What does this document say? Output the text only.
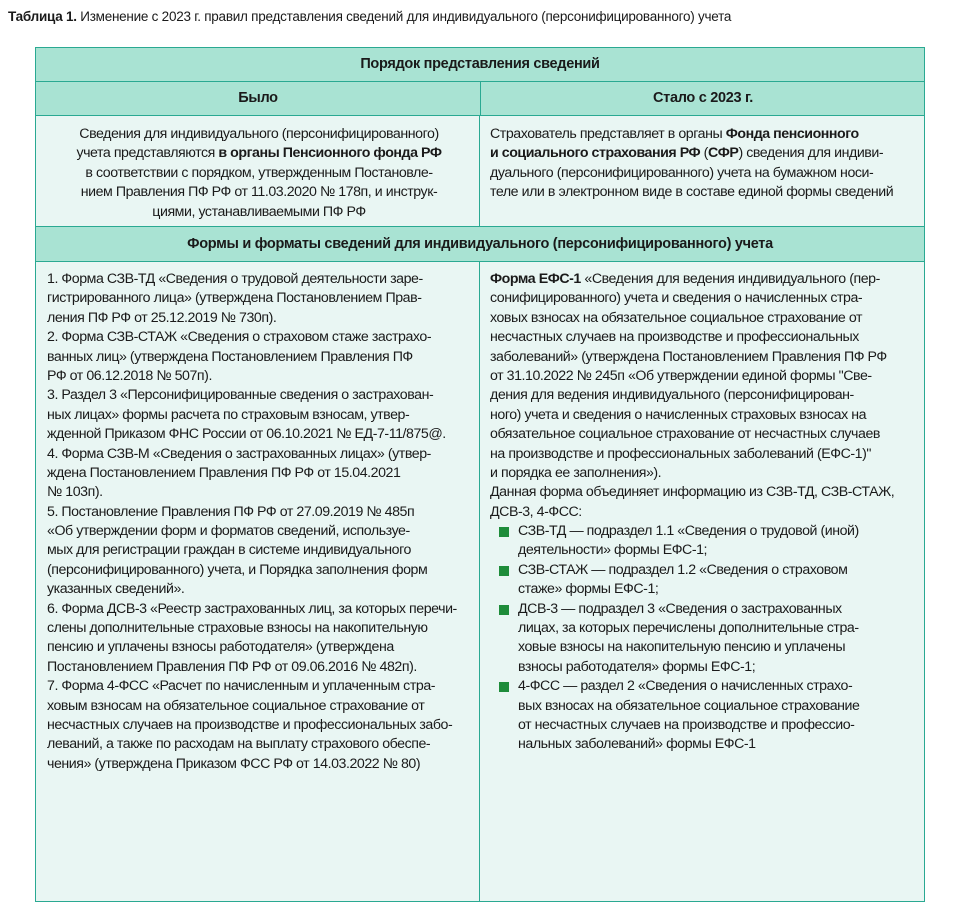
Таблица 1. Изменение с 2023 г. правил представления сведений для индивидуального (персонифицированного) учета
Порядок представления сведений
Было	Стало с 2023 г.
Сведения для индивидуального (персонифицированного)
учета представляются в органы Пенсионного фонда РФ
в соответствии с порядком, утвержденным Постановле-
нием Правления ПФ РФ от 11.03.2020 № 178п, и инструк-
циями, устанавливаемыми ПФ РФ
Страхователь представляет в органы Фонда пенсионного
и социального страхования РФ (СФР) сведения для индиви-
дуального (персонифицированного) учета на бумажном носи-
теле или в электронном виде в составе единой формы сведений
Формы и форматы сведений для индивидуального (персонифицированного) учета
1. Форма СЗВ-ТД «Сведения о трудовой деятельности заре-
гистрированного лица» (утверждена Постановлением Прав-
ления ПФ РФ от 25.12.2019 № 730п).
2. Форма СЗВ-СТАЖ «Сведения о страховом стаже застрахо-
ванных лиц» (утверждена Постановлением Правления ПФ
РФ от 06.12.2018 № 507п).
3. Раздел 3 «Персонифицированные сведения о застрахован-
ных лицах» формы расчета по страховым взносам, утвер-
жденной Приказом ФНС России от 06.10.2021 № ЕД-7-11/875@.
4. Форма СЗВ-М «Сведения о застрахованных лицах» (утвер-
ждена Постановлением Правления ПФ РФ от 15.04.2021
№ 103п).
5. Постановление Правления ПФ РФ от 27.09.2019 № 485п
«Об утверждении форм и форматов сведений, используе-
мых для регистрации граждан в системе индивидуального
(персонифицированного) учета, и Порядка заполнения форм
указанных сведений».
6. Форма ДСВ-3 «Реестр застрахованных лиц, за которых перечи-
слены дополнительные страховые взносы на накопительную
пенсию и уплачены взносы работодателя» (утверждена
Постановлением Правления ПФ РФ от 09.06.2016 № 482п).
7. Форма 4-ФСС «Расчет по начисленным и уплаченным стра-
ховым взносам на обязательное социальное страхование от
несчастных случаев на производстве и профессиональных забо-
леваний, а также по расходам на выплату страхового обеспе-
чения» (утверждена Приказом ФСС РФ от 14.03.2022 № 80)
Форма ЕФС-1 «Сведения для ведения индивидуального (пер-
сонифицированного) учета и сведения о начисленных стра-
ховых взносах на обязательное социальное страхование от
несчастных случаев на производстве и профессиональных
заболеваний» (утверждена Постановлением Правления ПФ РФ
от 31.10.2022 № 245п «Об утверждении единой формы "Све-
дения для ведения индивидуального (персонифицирован-
ного) учета и сведения о начисленных страховых взносах на
обязательное социальное страхование от несчастных случаев
на производстве и профессиональных заболеваний (ЕФС-1)"
и порядка ее заполнения»).
Данная форма объединяет информацию из СЗВ-ТД, СЗВ-СТАЖ,
ДСВ-3, 4-ФСС:
СЗВ-ТД — подраздел 1.1 «Сведения о трудовой (иной)
деятельности» формы ЕФС-1;
СЗВ-СТАЖ — подраздел 1.2 «Сведения о страховом
стаже» формы ЕФС-1;
ДСВ-3 — подраздел 3 «Сведения о застрахованных
лицах, за которых перечислены дополнительные стра-
ховые взносы на накопительную пенсию и уплачены
взносы работодателя» формы ЕФС-1;
4-ФСС — раздел 2 «Сведения о начисленных страхо-
вых взносах на обязательное социальное страхование
от несчастных случаев на производстве и профессио-
нальных заболеваний» формы ЕФС-1
